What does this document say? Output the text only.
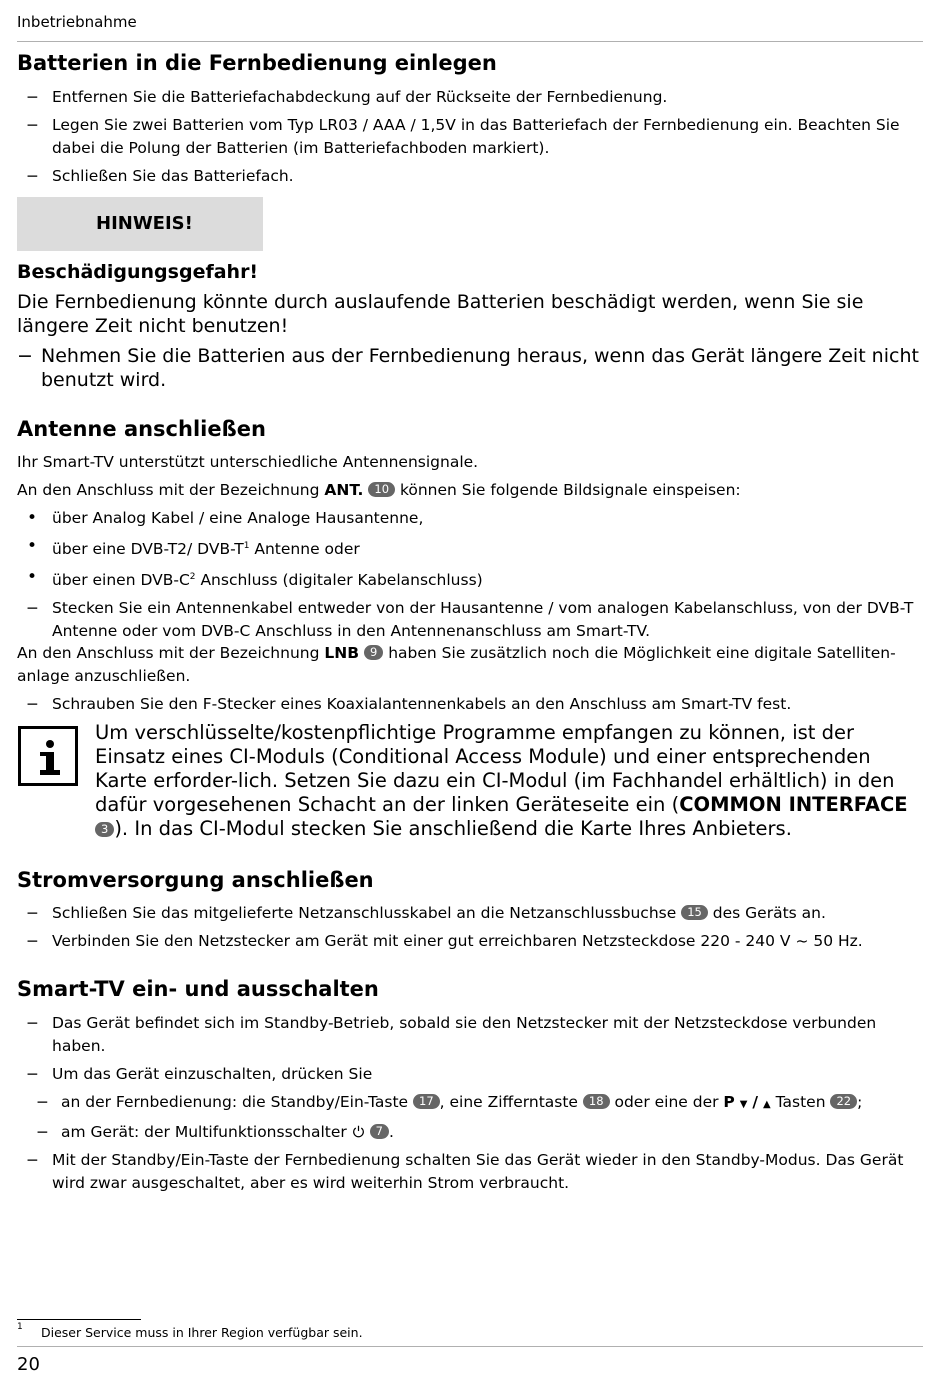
Inbetriebnahme
Batterien in die Fernbedienung einlegen
− Entfernen Sie die Batteriefachabdeckung auf der Rückseite der Fernbedienung.
− Legen Sie zwei Batterien vom Typ LR03 / AAA / 1,5V in das Batteriefach der Fernbedienung ein. Beachten Sie dabei die Polung der Batterien (im Batteriefachboden markiert).
− Schließen Sie das Batteriefach.
HINWEIS!
Beschädigungsgefahr!

Die Fernbedienung könnte durch auslaufende Batterien beschädigt werden, wenn Sie sie längere Zeit nicht benutzen!

− Nehmen Sie die Batterien aus der Fernbedienung heraus, wenn das Gerät längere Zeit nicht benutzt wird.
Antenne anschließen

Ihr Smart-TV unterstützt unterschiedliche Antennensignale.

An den Anschluss mit der Bezeichnung ANT. 10 können Sie folgende Bildsignale einspeisen:

• über Analog Kabel / eine Analoge Hausantenne,
• über eine DVB-T2/ DVB-$T^1$ Antenne oder
• über einen DVB-$C^2$ Anschluss (digitaler Kabelanschluss)
− Stecken Sie ein Antennenkabel entweder von der Hausantenne / vom analogen Kabelanschluss, von der DVB-T Antenne oder vom DVB-C Anschluss in den Antennenanschluss am Smart-TV.

An den Anschluss mit der Bezeichnung LNB 9 haben Sie zusätzlich noch die Möglichkeit eine digitale Satelliten-anlage anzuschließen.

− Schrauben Sie den F-Stecker eines Koaxialantennenkabels an den Anschluss am Smart-TV fest.
Um verschlüsselte/kostenpflichtige Programme empfangen zu können, ist der Einsatz eines CI-Moduls (Conditional Access Module) und einer entsprechenden Karte erforder-lich. Setzen Sie dazu ein CI-Modul (im Fachhandel erhältlich) in den dafür vorgesehenen Schacht an der linken Geräteseite ein (COMMON INTERFACE 3 ). In das CI-Modul stecken Sie anschließend die Karte Ihres Anbieters.
Stromversorgung anschließen
− Schließen Sie das mitgelieferte Netzanschlusskabel an die Netzanschlussbuchse 15 des Geräts an.
− Verbinden Sie den Netzstecker am Gerät mit einer gut erreichbaren Netzsteckdose 220 - 240 V ~ 50 Hz.
Smart-TV ein- und ausschalten
− Das Gerät befindet sich im Standby-Betrieb, sobald sie den Netzstecker mit der Netzsteckdose verbunden haben.
− Um das Gerät einzuschalten, drücken Sie
− an der Fernbedienung: die Standby/Ein-Taste 17 , eine Zifferntaste 18 oder eine der P ▼ / ▲ Tasten 22 ;
− am Gerät: der Multifunktionsschalter  7 .
− Mit der Standby/Ein-Taste der Fernbedienung schalten Sie das Gerät wieder in den Standby-Modus. Das Gerät wird zwar ausgeschaltet, aber es wird weiterhin Strom verbraucht.
1 Dieser Service muss in Ihrer Region verfügbar sein.
20
